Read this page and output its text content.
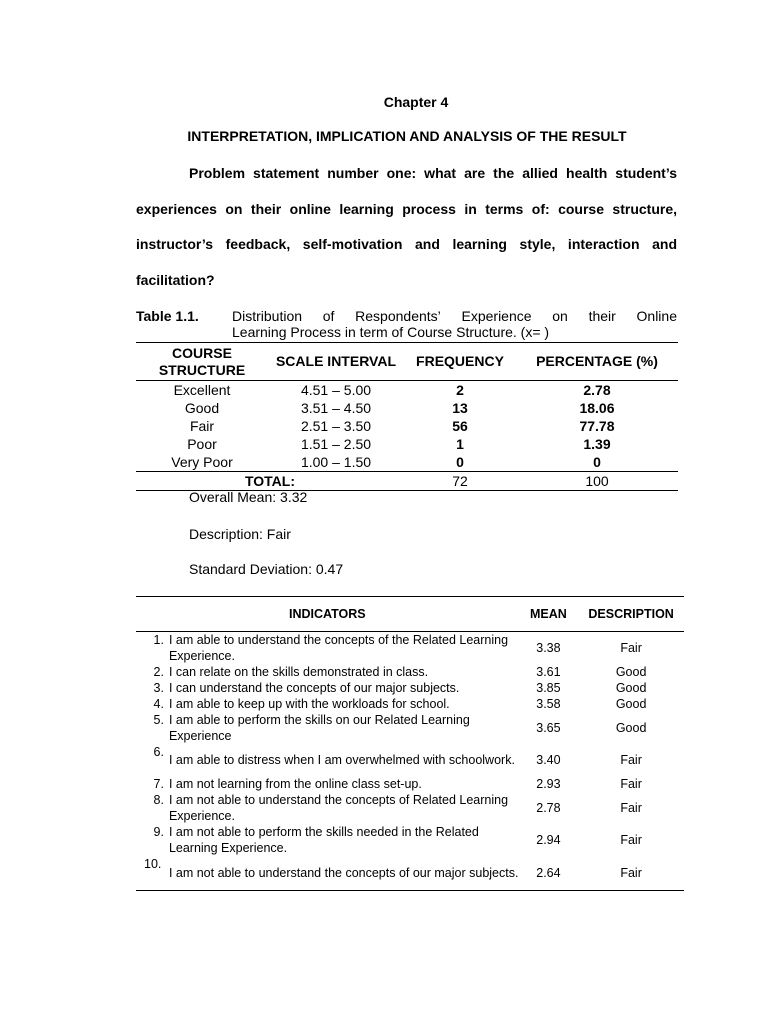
Chapter 4
INTERPRETATION, IMPLICATION AND ANALYSIS OF THE RESULT
Problem statement number one: what are the allied health student’s experiences on their online learning process in terms of: course structure, instructor’s feedback, self-motivation and learning style, interaction and facilitation?
Table 1.1.	Distribution of Respondents’ Experience on their Online
Learning Process in term of Course Structure. (x= )
COURSE STRUCTURE	SCALE INTERVAL	FREQUENCY	PERCENTAGE (%)
Excellent	4.51 – 5.00	2	2.78
Good	3.51 – 4.50	13	18.06
Fair	2.51 – 3.50	56	77.78
Poor	1.51 – 2.50	1	1.39
Very Poor	1.00 – 1.50	0	0
TOTAL:		72	100
Overall Mean: 3.32
Description: Fair
Standard Deviation: 0.47
INDICATORS		MEAN	DESCRIPTION

1.	I am able to understand the concepts of the Related Learning Experience.	3.38	Fair
2.	I can relate on the skills demonstrated in class.	3.61	Good
3.	I can understand the concepts of our major subjects.	3.85	Good
4.	I am able to keep up with the workloads for school.	3.58	Good
5.	I am able to perform the skills on our Related Learning Experience	3.65	Good
6.	I am able to distress when I am overwhelmed with schoolwork.	3.40	Fair
7.	I am not learning from the online class set-up.	2.93	Fair
8.	I am not able to understand the concepts of Related Learning Experience.	2.78	Fair
9.	I am not able to perform the skills needed in the Related Learning Experience.	2.94	Fair
10.	I am not able to understand the concepts of our major subjects.	2.64	Fair
